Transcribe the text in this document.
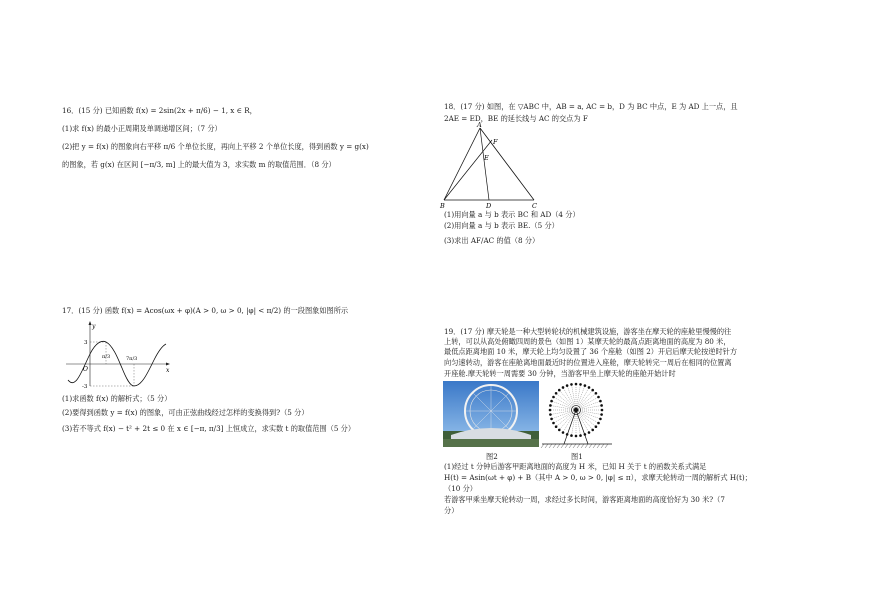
16．(15 分) 已知函数 f(x) = 2sin(2x + π/6) − 1, x ∈ R，
(1)求 f(x) 的最小正周期及单调递增区间；（7 分）
(2)把 y = f(x) 的图象向右平移 π/6 个单位长度，再向上平移 2 个单位长度，得到函数 y = g(x)
的图象，若 g(x) 在区间 [−π/3, m] 上的最大值为 3，求实数 m 的取值范围．（8 分）
17．(15 分) 函数 f(x) = Acos(ωx + φ)(A > 0, ω > 0, |φ| < π/2) 的一段图象如图所示
y
x
O
3
-3
π/3	7π/3
(1)求函数 f(x) 的解析式；（5 分）
(2)要得到函数 y = f(x) 的图象，可由正弦曲线经过怎样的变换得到?（5 分）
(3)若不等式 f(x) − t² + 2t ≤ 0 在 x ∈ [−π, π/3] 上恒成立，求实数 t 的取值范围（5 分）
18．(17 分) 如图，在 ▽ABC 中，AB = a, AC = b，D 为 BC 中点，E 为 AD 上一点，且
2AE = ED，BE 的延长线与 AC 的交点为 F
A
B	C
D
E
F
(1)用向量 a 与 b 表示 BC 和 AD（4 分）
(2)用向量 a 与 b 表示 BE.（5 分）
(3)求出 AF/AC 的值（8 分）
19．(17 分) 摩天轮是一种大型转轮状的机械建筑设施，游客坐在摩天轮的座舱里慢慢的往
上转，可以从高处俯瞰四周的景色（如图 1）某摩天轮的最高点距离地面的高度为 80 米，
最低点距离地面 10 米，摩天轮上均匀设置了 36 个座舱（如图 2）开启后摩天轮按逆时针方
向匀速转动，游客在座舱离地面最近时的位置进入座舱，摩天轮转完一周后在相同的位置离
开座舱.摩天轮转一周需要 30 分钟，当游客甲坐上摩天轮的座舱开始计时
图2	图1
(1)经过 t 分钟后游客甲距离地面的高度为 H 米，已知 H 关于 t 的函数关系式满足
H(t) = Asin(ωt + φ) + B（其中 A > 0, ω > 0, |φ| ≤ π），求摩天轮转动一周的解析式 H(t)；
（10 分）
若游客甲乘坐摩天轮转动一周，求经过多长时间，游客距离地面的高度恰好为 30 米?（7
分）
